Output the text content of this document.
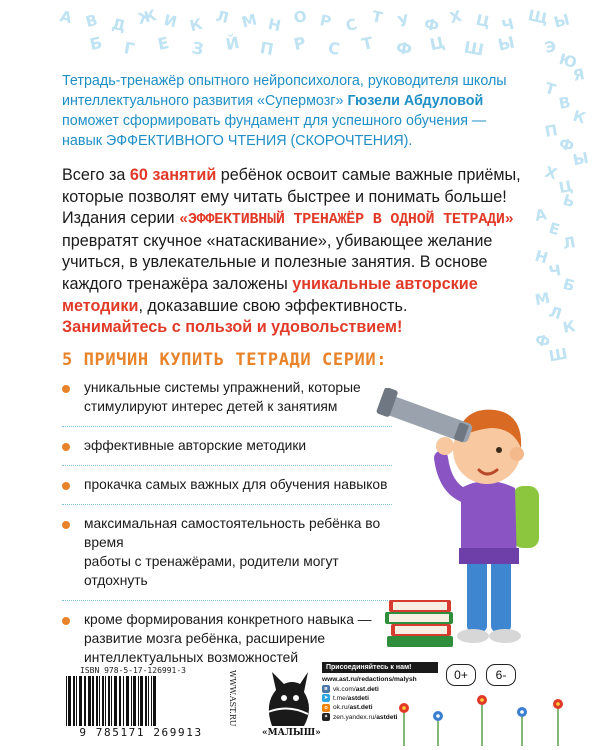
А В Д Ж И К Л М Н О Р С Т У Ф Х Ц Ч Щ Ы
Б Г Е З Й П Р С Т Ф Ц Ш Ы Э
Ю
Я
Т
В
К
П
Ф
Ы
Х
Ц
Ь
А
Е
Л
Н
Ч
Б
М
Л
К
Ф
Ш
Тетрадь-тренажёр опытного нейропсихолога, руководителя школы
интеллектуального развития «Супермозг» Гюзели Абдуловой
поможет сформировать фундамент для успешного обучения —
навык ЭФФЕКТИВНОГО ЧТЕНИЯ (СКОРОЧТЕНИЯ).
Всего за 60 занятий ребёнок освоит самые важные приёмы,
которые позволят ему читать быстрее и понимать больше!
Издания серии «ЭФФЕКТИВНЫЙ ТРЕНАЖЁР В ОДНОЙ ТЕТРАДИ»
превратят скучное «натаскивание», убивающее желание
учиться, в увлекательные и полезные занятия. В основе
каждого тренажёра заложены уникальные авторские
методики, доказавшие свою эффективность.
Занимайтесь с пользой и удовольствием!
5 ПРИЧИН КУПИТЬ ТЕТРАДИ СЕРИИ:
уникальные системы упражнений, которые
стимулируют интерес детей к занятиям
эффективные авторские методики
прокачка самых важных для обучения навыков
максимальная самостоятельность ребёнка во время
работы с тренажёрами, родители могут отдохнуть
кроме формирования конкретного навыка —
развитие мозга ребёнка, расширение
интеллектуальных возможностей
ISBN 978-5-17-126991-3
9 785171 269913
WWW.AST.RU
«МАЛЫШ»
Присоединяйтесь к нам!
www.ast.ru/redactions/malysh
в vk.com/ ast.deti
➤ t.me/ astdeti
о ok.ru/ ast.deti
✦ zen.yandex.ru/ astdeti
0+	6-
